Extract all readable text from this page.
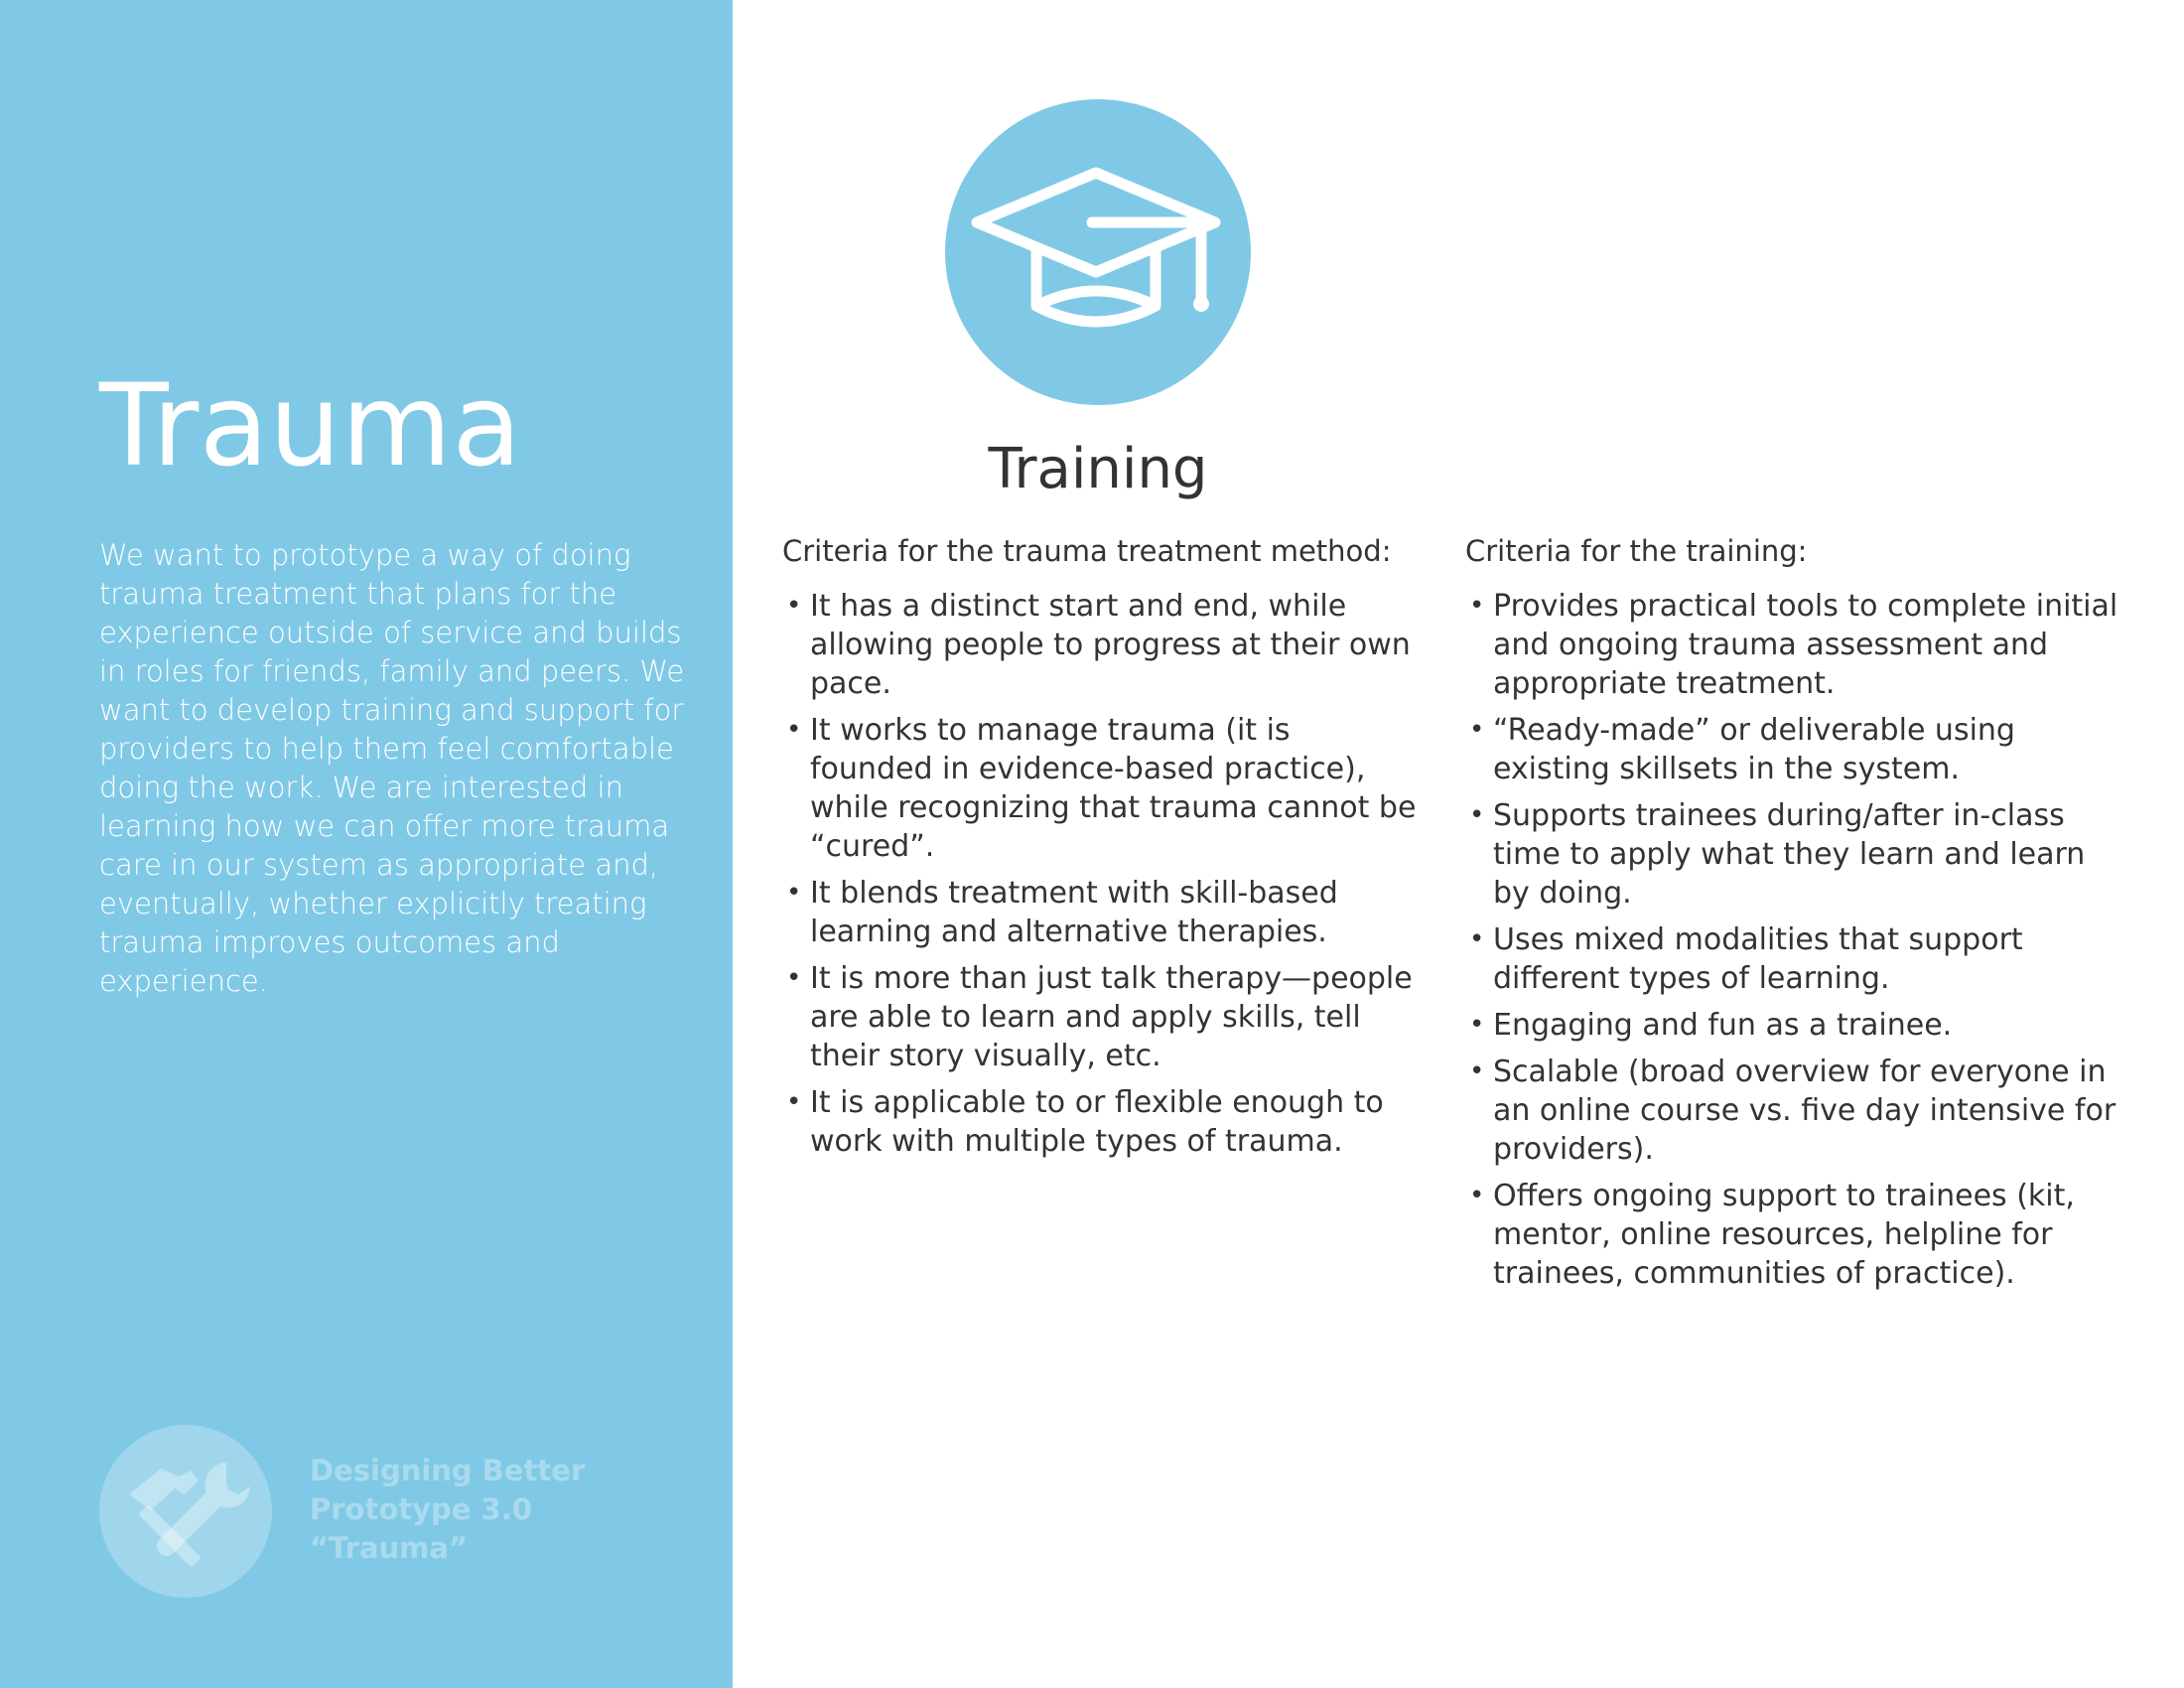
Trauma
We want to prototype a way of doing trauma treatment that plans for the experience outside of service and builds in roles for friends, family and peers. We want to develop training and support for providers to help them feel comfortable doing the work. We are interested in learning how we can offer more trauma care in our system as appropriate and, eventually, whether explicitly treating trauma improves outcomes and experience.
Designing Better
Prototype 3.0
“Trauma”
Training
Criteria for the trauma treatment method:
• It has a distinct start and end, while allowing people to progress at their own pace.
• It works to manage trauma (it is founded in evidence-based practice), while recognizing that trauma cannot be “cured”.
• It blends treatment with skill-based learning and alternative therapies.
• It is more than just talk therapy—people are able to learn and apply skills, tell their story visually, etc.
• It is applicable to or flexible enough to work with multiple types of trauma.
Criteria for the training:
• Provides practical tools to complete initial and ongoing trauma assessment and appropriate treatment.
• “Ready-made” or deliverable using existing skillsets in the system.
• Supports trainees during/after in-class time to apply what they learn and learn by doing.
• Uses mixed modalities that support different types of learning.
• Engaging and fun as a trainee.
• Scalable (broad overview for everyone in an online course vs. five day intensive for providers).
• Offers ongoing support to trainees (kit, mentor, online resources, helpline for trainees, communities of practice).
